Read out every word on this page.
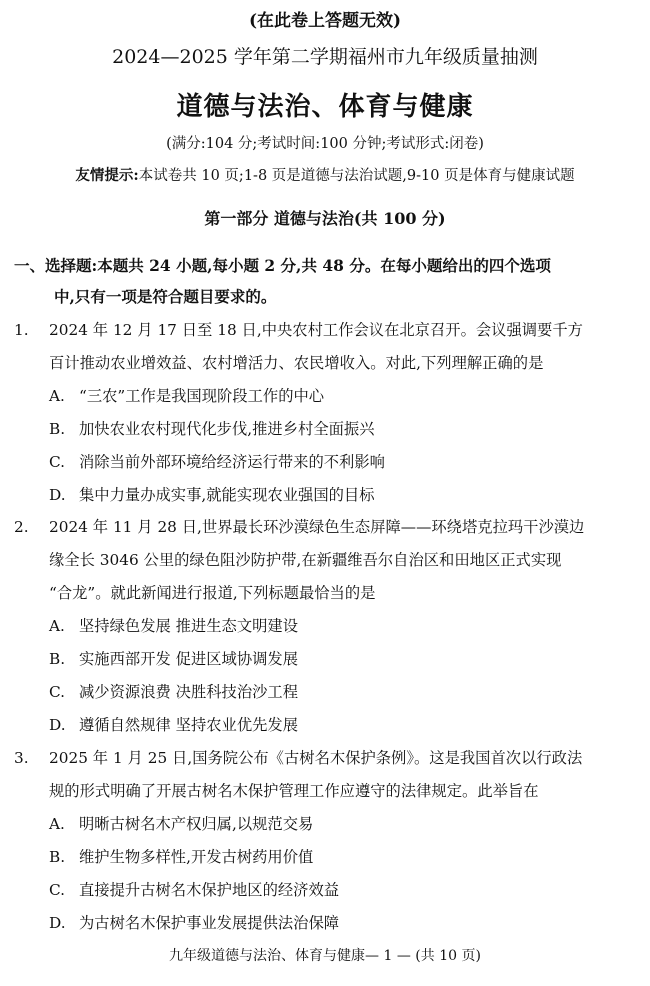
(在此卷上答题无效)
2024—2025 学年第二学期福州市九年级质量抽测
道德与法治、体育与健康
(满分:104 分;考试时间:100 分钟;考试形式:闭卷)
友情提示:本试卷共 10 页;1-8 页是道德与法治试题,9-10 页是体育与健康试题
第一部分 道德与法治(共 100 分)
一、选择题:本题共 24 小题,每小题 2 分,共 48 分。在每小题给出的四个选项
中,只有一项是符合题目要求的。
1. 2024 年 12 月 17 日至 18 日,中央农村工作会议在北京召开。会议强调要千方
百计推动农业增效益、农村增活力、农民增收入。对此,下列理解正确的是
A. “三农”工作是我国现阶段工作的中心
B. 加快农业农村现代化步伐,推进乡村全面振兴
C. 消除当前外部环境给经济运行带来的不利影响
D. 集中力量办成实事,就能实现农业强国的目标
2. 2024 年 11 月 28 日,世界最长环沙漠绿色生态屏障——环绕塔克拉玛干沙漠边
缘全长 3046 公里的绿色阻沙防护带,在新疆维吾尔自治区和田地区正式实现
“合龙”。就此新闻进行报道,下列标题最恰当的是
A. 坚持绿色发展 推进生态文明建设
B. 实施西部开发 促进区域协调发展
C. 减少资源浪费 决胜科技治沙工程
D. 遵循自然规律 坚持农业优先发展
3. 2025 年 1 月 25 日,国务院公布《古树名木保护条例》。这是我国首次以行政法
规的形式明确了开展古树名木保护管理工作应遵守的法律规定。此举旨在
A. 明晰古树名木产权归属,以规范交易
B. 维护生物多样性,开发古树药用价值
C. 直接提升古树名木保护地区的经济效益
D. 为古树名木保护事业发展提供法治保障
九年级道德与法治、体育与健康— 1 — (共 10 页)
